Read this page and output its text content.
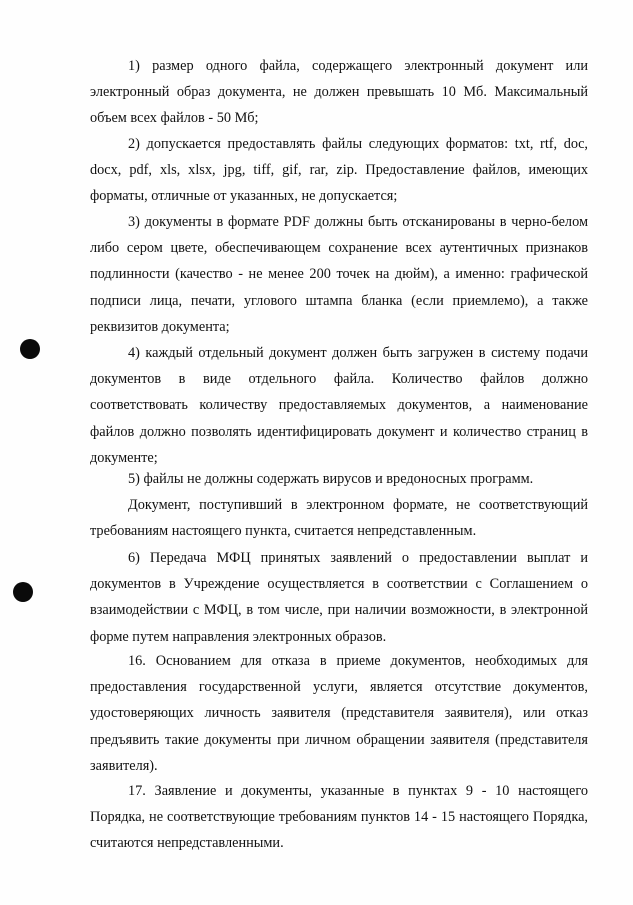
1) размер одного файла, содержащего электронный документ или электронный образ документа, не должен превышать 10 Мб. Максимальный объем всех файлов - 50 Мб;

2) допускается предоставлять файлы следующих форматов: txt, rtf, doc, docx, pdf, xls, xlsx, jpg, tiff, gif, rar, zip. Предоставление файлов, имеющих форматы, отличные от указанных, не допускается;

3) документы в формате PDF должны быть отсканированы в черно-белом либо сером цвете, обеспечивающем сохранение всех аутентичных признаков подлинности (качество - не менее 200 точек на дюйм), а именно: графической подписи лица, печати, углового штампа бланка (если приемлемо), а также реквизитов документа;

4) каждый отдельный документ должен быть загружен в систему подачи документов в виде отдельного файла. Количество файлов должно соответствовать количеству предоставляемых документов, а наименование файлов должно позволять идентифицировать документ и количество страниц в документе;

5) файлы не должны содержать вирусов и вредоносных программ.

Документ, поступивший в электронном формате, не соответствующий требованиям настоящего пункта, считается непредставленным.

6) Передача МФЦ принятых заявлений о предоставлении выплат и документов в Учреждение осуществляется в соответствии с Соглашением о взаимодействии с МФЦ, в том числе, при наличии возможности, в электронной форме путем направления электронных образов.

16. Основанием для отказа в приеме документов, необходимых для предоставления государственной услуги, является отсутствие документов, удостоверяющих личность заявителя (представителя заявителя), или отказ предъявить такие документы при личном обращении заявителя (представителя заявителя).

17. Заявление и документы, указанные в пунктах 9 - 10 настоящего Порядка, не соответствующие требованиям пунктов 14 - 15 настоящего Порядка, считаются непредставленными.
